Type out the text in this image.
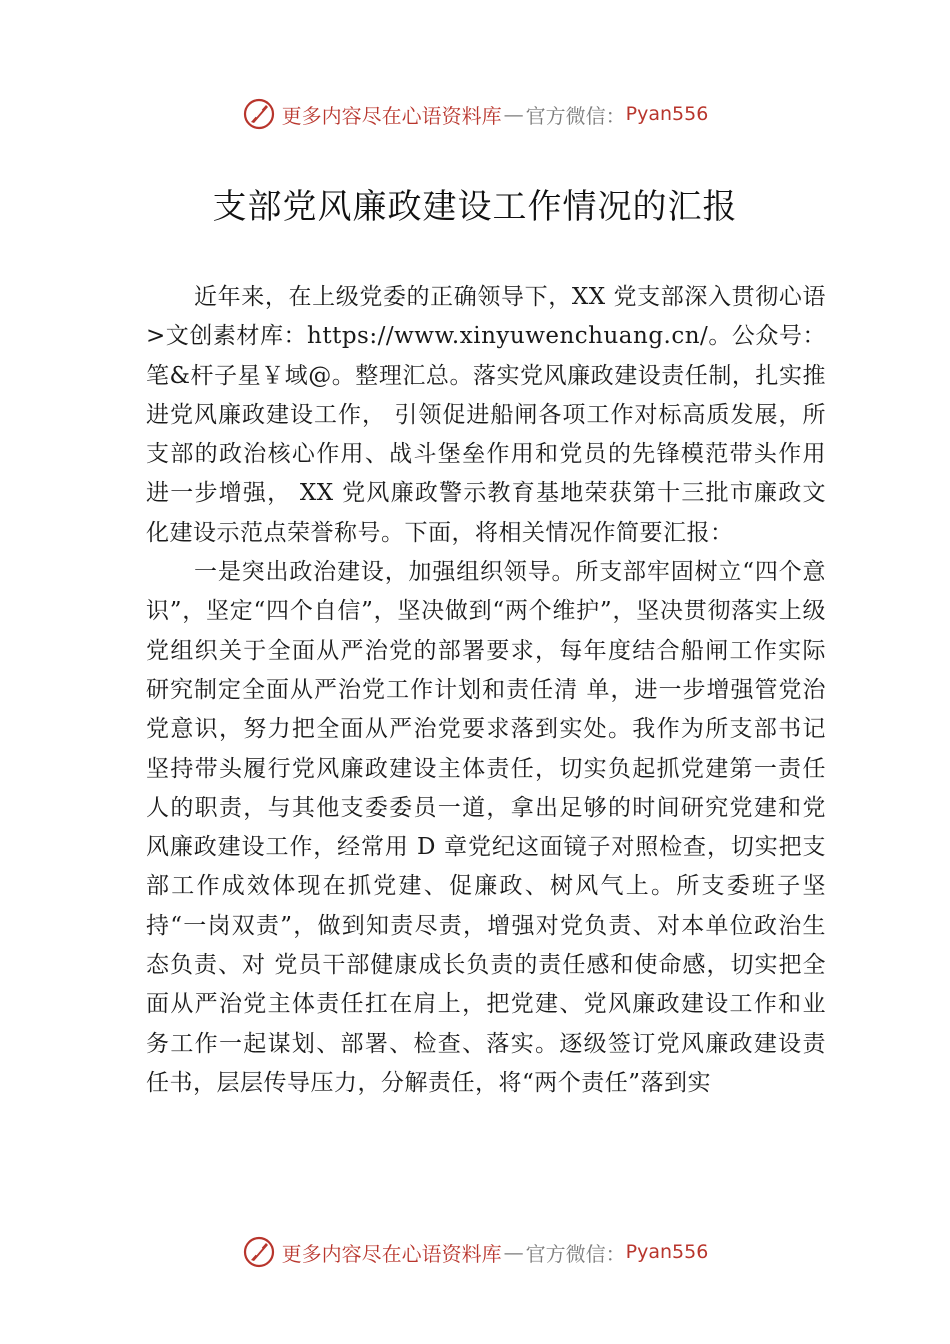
更多内容尽在心语资料库 — 官方微信： Pyan556
支部党风廉政建设工作情况的汇报

近年来，在上级党委的正确领导下，XX 党支部深入贯彻心语>文创素材库：https://www.xinyuwenchuang.cn/。公众号：笔&杆子星￥域@。整理汇总。落实党风廉政建设责任制，扎实推进党风廉政建设工作， 引领促进船闸各项工作对标高质发展，所支部的政治核心作用、战斗堡垒作用和党员的先锋模范带头作用进一步增强， XX 党风廉政警示教育基地荣获第十三批市廉政文化建设示范点荣誉称号。下面，将相关情况作简要汇报：

一是突出政治建设，加强组织领导。所支部牢固树立“四个意识”，坚定“四个自信”，坚决做到“两个维护”，坚决贯彻落实上级党组织关于全面从严治党的部署要求，每年度结合船闸工作实际研究制定全面从严治党工作计划和责任清 单，进一步增强管党治党意识，努力把全面从严治党要求落到实处。我作为所支部书记坚持带头履行党风廉政建设主体责任，切实负起抓党建第一责任人的职责，与其他支委委员一道，拿出足够的时间研究党建和党风廉政建设工作，经常用 D 章党纪这面镜子对照检查，切实把支部工作成效体现在抓党建、促廉政、树风气上。所支委班子坚持“一岗双责”，做到知责尽责，增强对党负责、对本单位政治生态负责、对 党员干部健康成长负责的责任感和使命感，切实把全面从严治党主体责任扛在肩上，把党建、党风廉政建设工作和业务工作一起谋划、部署、检查、落实。逐级签订党风廉政建设责任书，层层传导压力，分解责任，将“两个责任”落到实

更多内容尽在心语资料库 — 官方微信： Pyan556
